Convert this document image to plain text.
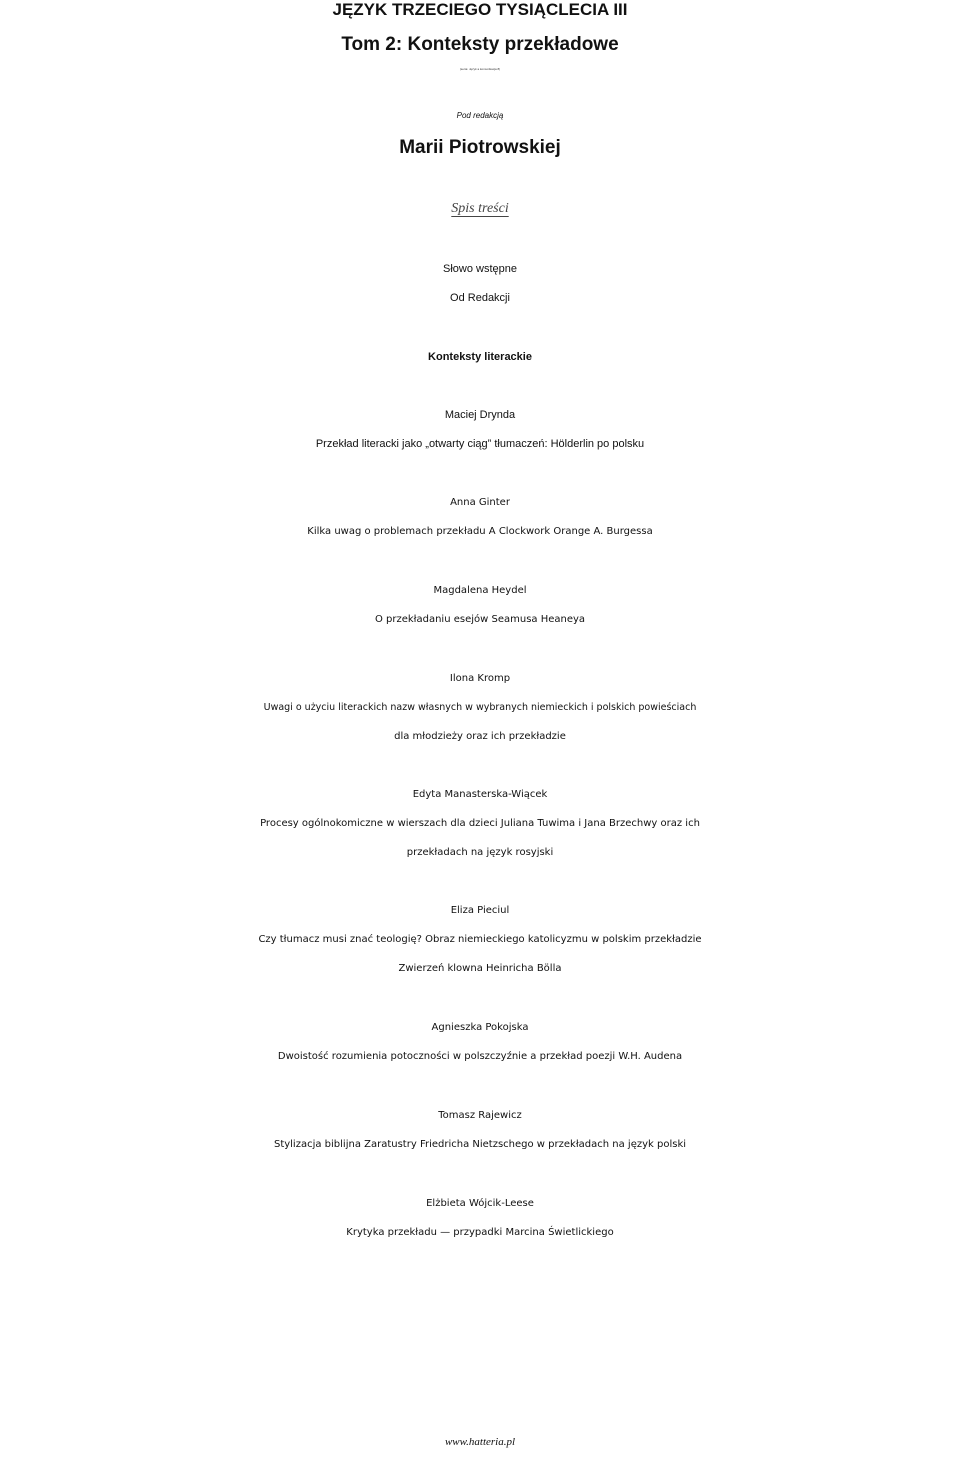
JĘZYK TRZECIEGO TYSIĄCLECIA III
Tom 2: Konteksty przekładowe
(seria: Język a komunikacja 8)
Pod redakcją
Marii Piotrowskiej
Spis treści
Słowo wstępne
Od Redakcji
Konteksty literackie
Maciej Drynda
Przekład literacki jako „otwarty ciąg” tłumaczeń: Hölderlin po polsku
Anna Ginter
Kilka uwag o problemach przekładu A Clockwork Orange A. Burgessa
Magdalena Heydel
O przekładaniu esejów Seamusa Heaneya
Ilona Kromp
Uwagi o użyciu literackich nazw własnych w wybranych niemieckich i polskich powieściach
dla młodzieży oraz ich przekładzie
Edyta Manasterska-Wiącek
Procesy ogólnokomiczne w wierszach dla dzieci Juliana Tuwima i Jana Brzechwy oraz ich
przekładach na język rosyjski
Eliza Pieciul
Czy tłumacz musi znać teologię? Obraz niemieckiego katolicyzmu w polskim przekładzie
Zwierzeń klowna Heinricha Bölla
Agnieszka Pokojska
Dwoistość rozumienia potoczności w polszczyźnie a przekład poezji W.H. Audena
Tomasz Rajewicz
Stylizacja biblijna Zaratustry Friedricha Nietzschego w przekładach na język polski
Elżbieta Wójcik-Leese
Krytyka przekładu — przypadki Marcina Świetlickiego
www.hatteria.pl
